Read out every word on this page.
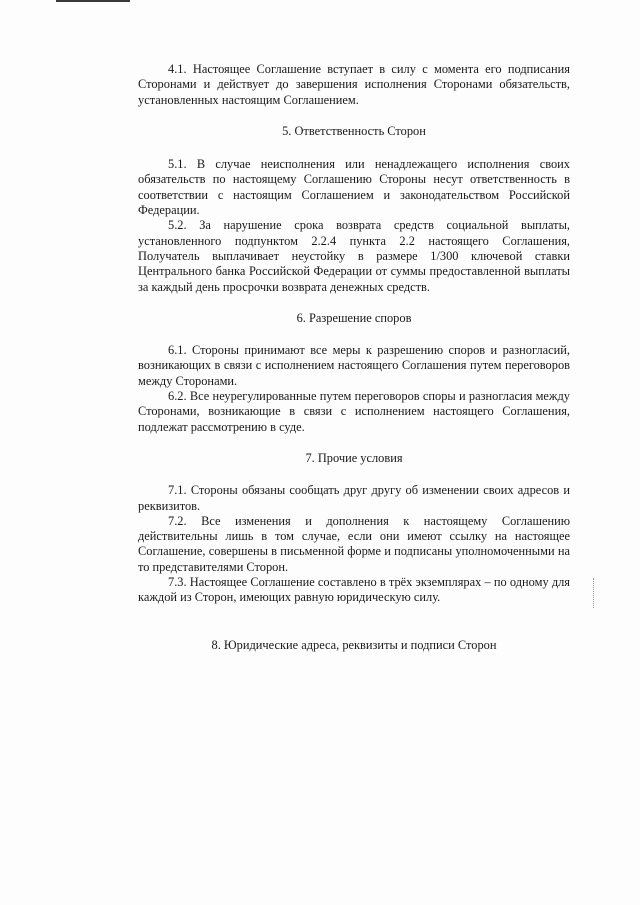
4.1. Настоящее Соглашение вступает в силу с момента его подписания Сторонами и действует до завершения исполнения Сторонами обязательств, установленных настоящим Соглашением.

5. Ответственность Сторон

5.1. В случае неисполнения или ненадлежащего исполнения своих обязательств по настоящему Соглашению Стороны несут ответственность в соответствии с настоящим Соглашением и законодательством Российской Федерации.

5.2. За нарушение срока возврата средств социальной выплаты, установленного подпунктом 2.2.4 пункта 2.2 настоящего Соглашения, Получатель выплачивает неустойку в размере 1/300 ключевой ставки Центрального банка Российской Федерации от суммы предоставленной выплаты за каждый день просрочки возврата денежных средств.

6. Разрешение споров

6.1. Стороны принимают все меры к разрешению споров и разногласий, возникающих в связи с исполнением настоящего Соглашения путем переговоров между Сторонами.

6.2. Все неурегулированные путем переговоров споры и разногласия между Сторонами, возникающие в связи с исполнением настоящего Соглашения, подлежат рассмотрению в суде.

7. Прочие условия

7.1. Стороны обязаны сообщать друг другу об изменении своих адресов и реквизитов.

7.2. Все изменения и дополнения к настоящему Соглашению действительны лишь в том случае, если они имеют ссылку на настоящее Соглашение, совершены в письменной форме и подписаны уполномоченными на то представителями Сторон.

7.3. Настоящее Соглашение составлено в трёх экземплярах – по одному для каждой из Сторон, имеющих равную юридическую силу.

8. Юридические адреса, реквизиты и подписи Сторон
